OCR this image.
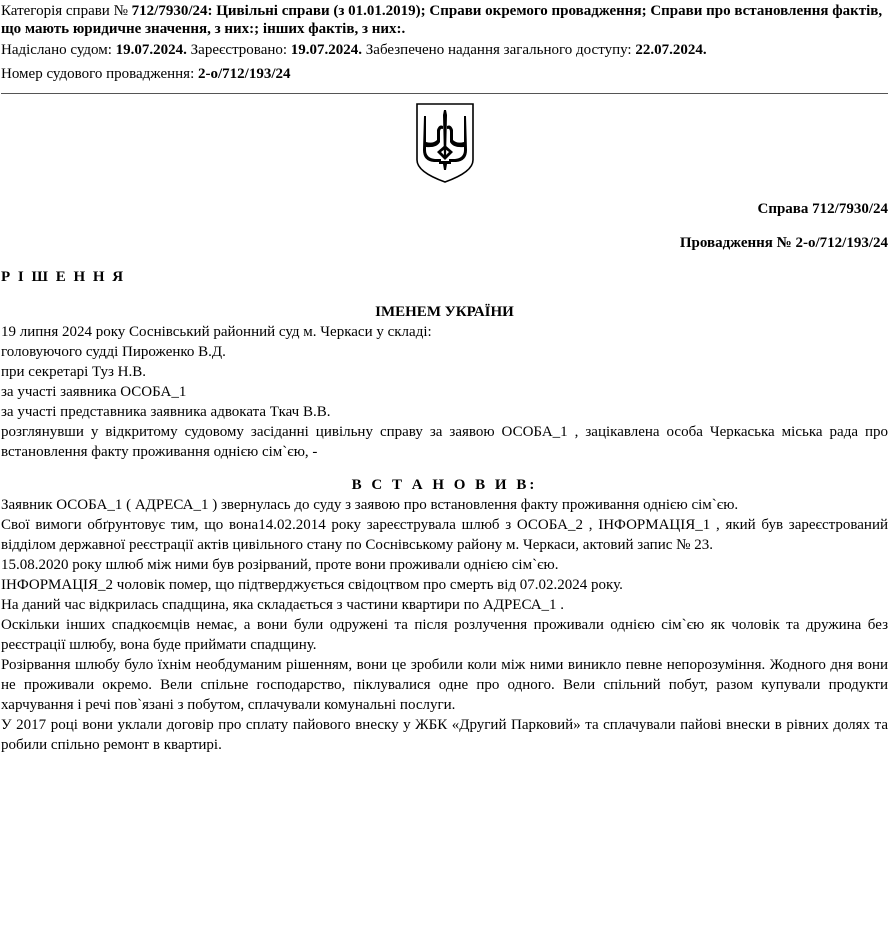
Категорія справи № 712/7930/24: Цивільні справи (з 01.01.2019); Справи окремого провадження; Справи про встановлення фактів, що мають юридичне значення, з них:; інших фактів, з них:.

Надіслано судом: 19.07.2024. Зареєстровано: 19.07.2024. Забезпечено надання загального доступу: 22.07.2024.

Номер судового провадження: 2-о/712/193/24

Справа 712/7930/24

Провадження № 2-о/712/193/24

Р І Ш Е Н Н Я

ІМЕНЕМ УКРАЇНИ

19 липня 2024 року Соснівський районний суд м. Черкаси у складі:

головуючого судді Пироженко В.Д.

при секретарі Туз Н.В.

за участі заявника ОСОБА_1

за участі представника заявника адвоката Ткач В.В.

розглянувши у відкритому судовому засіданні цивільну справу за заявою ОСОБА_1 , зацікавлена особа Черкаська міська рада про встановлення факту проживання однією сім`єю, -

В С Т А Н О В И В:

Заявник ОСОБА_1 ( АДРЕСА_1 ) звернулась до суду з заявою про встановлення факту проживання однією сім`єю.

Свої вимоги обґрунтовує тим, що вона14.02.2014 року зареєструвала шлюб з ОСОБА_2 , ІНФОРМАЦІЯ_1 , який був зареєстрований відділом державної реєстрації актів цивільного стану по Соснівському району м. Черкаси, актовий запис № 23.

15.08.2020 року шлюб між ними був розірваний, проте вони проживали однією сім`єю.

ІНФОРМАЦІЯ_2 чоловік помер, що підтверджується свідоцтвом про смерть від 07.02.2024 року.

На даний час відкрилась спадщина, яка складається з частини квартири по АДРЕСА_1 .

Оскільки інших спадкоємців немає, а вони були одружені та після розлучення проживали однією сім`єю як чоловік та дружина без реєстрації шлюбу, вона буде приймати спадщину.

Розірвання шлюбу було їхнім необдуманим рішенням, вони це зробили коли між ними виникло певне непорозуміння. Жодного дня вони не проживали окремо. Вели спільне господарство, піклувалися одне про одного. Вели спільний побут, разом купували продукти харчування і речі пов`язані з побутом, сплачували комунальні послуги.

У 2017 році вони уклали договір про сплату пайового внеску у ЖБК «Другий Парковий» та сплачували пайові внески в рівних долях та робили спільно ремонт в квартирі.
